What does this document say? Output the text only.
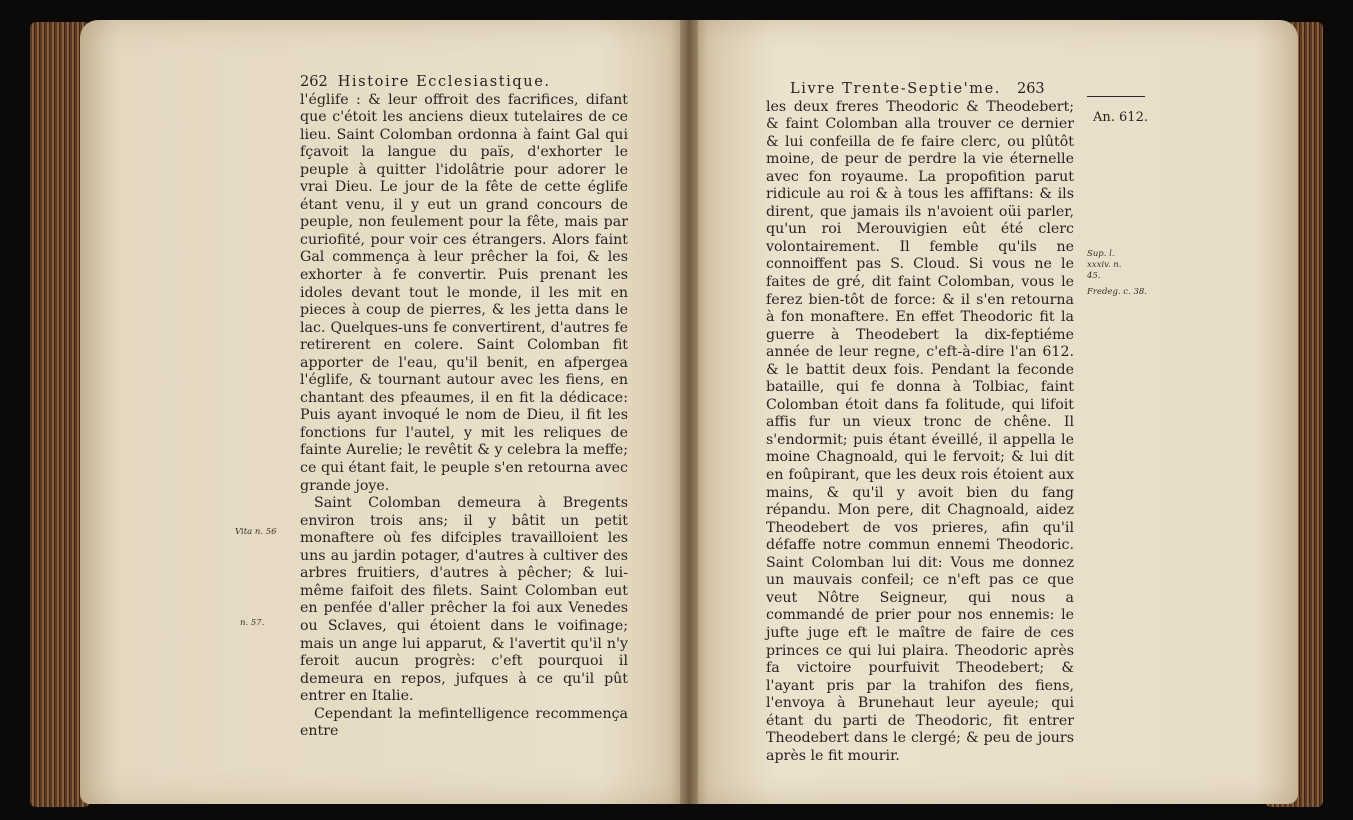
262 Histoire Ecclesiastique.

l'églife : & leur offroit des facrifices, difant que c'étoit les anciens dieux tutelaires de ce lieu. Saint Colomban ordonna à faint Gal qui fçavoit la langue du païs, d'exhorter le peuple à quitter l'idolâtrie pour adorer le vrai Dieu. Le jour de la fête de cette églife étant venu, il y eut un grand concours de peuple, non feulement pour la fête, mais par curiofité, pour voir ces étrangers. Alors faint Gal commença à leur prêcher la foi, & les exhorter à fe convertir. Puis prenant les idoles devant tout le monde, il les mit en pieces à coup de pierres, & les jetta dans le lac. Quelques-uns fe convertirent, d'autres fe retirerent en colere. Saint Colomban fit apporter de l'eau, qu'il benit, en afpergea l'églife, & tournant autour avec les fiens, en chantant des pfeaumes, il en fit la dédicace: Puis ayant invoqué le nom de Dieu, il fit les fonctions fur l'autel, y mit les reliques de fainte Aurelie; le revêtit & y celebra la meffe; ce qui étant fait, le peuple s'en retourna avec grande joye.

Saint Colomban demeura à Bregents environ trois ans; il y bâtit un petit monaftere où fes difciples travailloient les uns au jardin potager, d'autres à cultiver des arbres fruitiers, d'autres à pêcher; & lui-même faifoit des filets. Saint Colomban eut en penfée d'aller prêcher la foi aux Venedes ou Sclaves, qui étoient dans le voifinage; mais un ange lui apparut, & l'avertit qu'il n'y feroit aucun progrès: c'eft pourquoi il demeura en repos, jufques à ce qu'il pût entrer en Italie.

Cependant la mefintelligence recommença entre

Vita n. 56
n. 57.
Livre Trente-Septie'me. 263

les deux freres Theodoric & Theodebert; & faint Colomban alla trouver ce dernier & lui confeilla de fe faire clerc, ou plûtôt moine, de peur de perdre la vie éternelle avec fon royaume. La propofition parut ridicule au roi & à tous les affiftans: & ils dirent, que jamais ils n'avoient oüi parler, qu'un roi Merouvigien eût été clerc volontairement. Il femble qu'ils ne connoiffent pas S. Cloud. Si vous ne le faites de gré, dit faint Colomban, vous le ferez bien-tôt de force: & il s'en retourna à fon monaftere. En effet Theodoric fit la guerre à Theodebert la dix-feptiéme année de leur regne, c'eft-à-dire l'an 612. & le battit deux fois. Pendant la feconde bataille, qui fe donna à Tolbiac, faint Colomban étoit dans fa folitude, qui lifoit affis fur un vieux tronc de chêne. Il s'endormit; puis étant éveillé, il appella le moine Chagnoald, qui le fervoit; & lui dit en foûpirant, que les deux rois étoient aux mains, & qu'il y avoit bien du fang répandu. Mon pere, dit Chagnoald, aidez Theodebert de vos prieres, afin qu'il défaffe notre commun ennemi Theodoric. Saint Colomban lui dit: Vous me donnez un mauvais confeil; ce n'eft pas ce que veut Nôtre Seigneur, qui nous a commandé de prier pour nos ennemis: le jufte juge eft le maître de faire de ces princes ce qui lui plaira. Theodoric après fa victoire pourfuivit Theodebert; & l'ayant pris par la trahifon des fiens, l'envoya à Brunehaut leur ayeule; qui étant du parti de Theodoric, fit entrer Theodebert dans le clergé; & peu de jours après le fit mourir.

An. 612.
Sup. l. xxxiv. n. 45.
Fredeg. c. 38.
